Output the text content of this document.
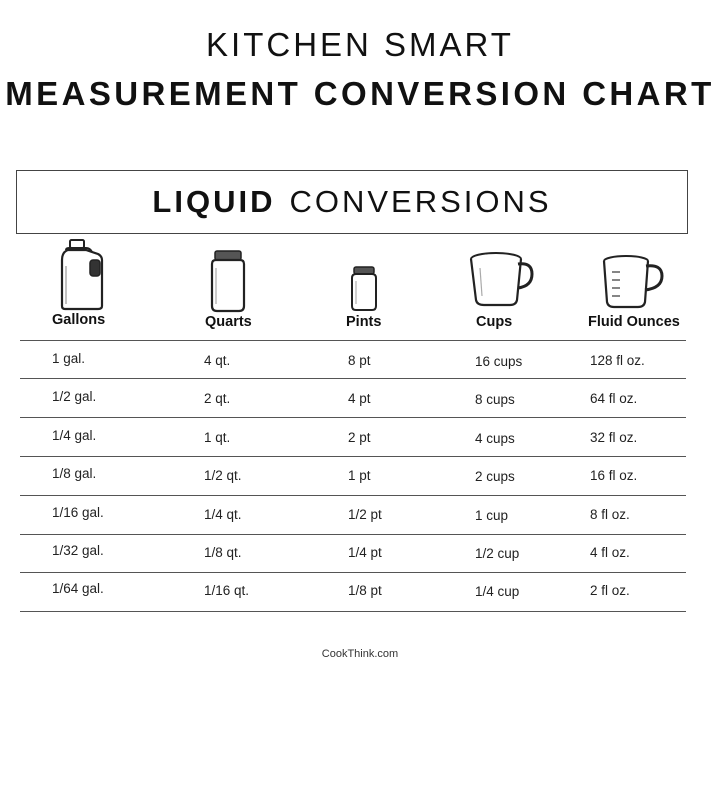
KITCHEN SMART
MEASUREMENT CONVERSION CHART
LIQUID CONVERSIONS
Gallons	Quarts	Pints	Cups	Fluid Ounces
1 gal.	4 qt.	8 pt	16 cups	128 fl oz.
1/2 gal.	2 qt.	4 pt	8 cups	64 fl oz.
1/4 gal.	1 qt.	2 pt	4 cups	32 fl oz.
1/8 gal.	1/2 qt.	1 pt	2 cups	16 fl oz.
1/16 gal.	1/4 qt.	1/2 pt	1 cup	8 fl oz.
1/32 gal.	1/8 qt.	1/4 pt	1/2 cup	4 fl oz.
1/64 gal.	1/16 qt.	1/8 pt	1/4 cup	2 fl oz.
CookThink.com
